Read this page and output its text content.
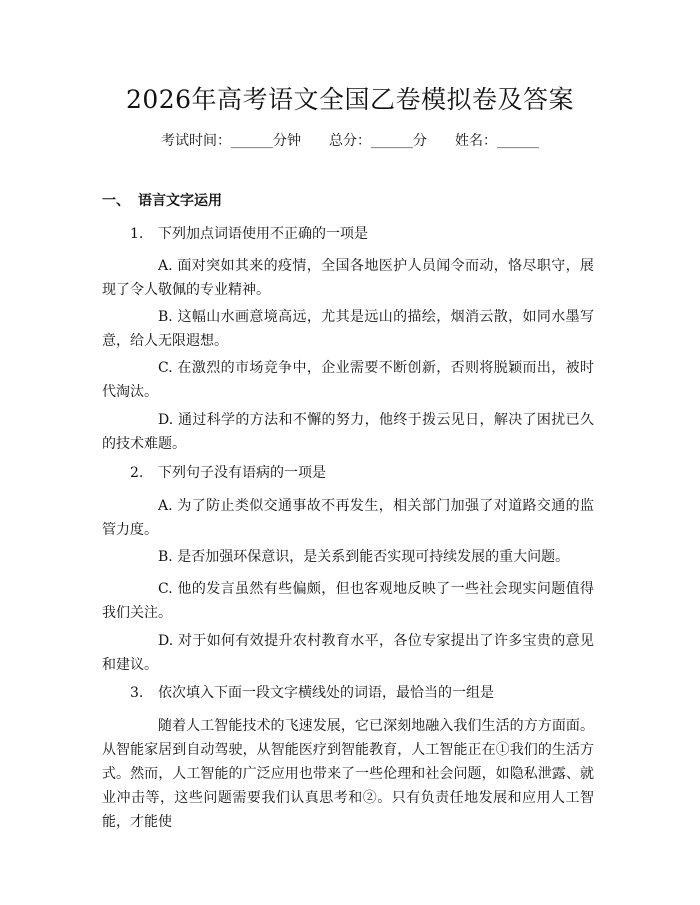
2026年高考语文全国乙卷模拟卷及答案
考试时间：______分钟　　总分：______分　　姓名：______
一、 语言文字运用
1. 下列加点词语使用不正确的一项是
A. 面对突如其来的疫情，全国各地医护人员闻令而动，恪尽职守，展现了令人敬佩的专业精神。
B. 这幅山水画意境高远，尤其是远山的描绘，烟消云散，如同水墨写意，给人无限遐想。
C. 在激烈的市场竞争中，企业需要不断创新，否则将脱颖而出，被时代淘汰。
D. 通过科学的方法和不懈的努力，他终于拨云见日，解决了困扰已久的技术难题。
2. 下列句子没有语病的一项是
A. 为了防止类似交通事故不再发生，相关部门加强了对道路交通的监管力度。
B. 是否加强环保意识，是关系到能否实现可持续发展的重大问题。
C. 他的发言虽然有些偏颇，但也客观地反映了一些社会现实问题值得我们关注。
D. 对于如何有效提升农村教育水平，各位专家提出了许多宝贵的意见和建议。
3. 依次填入下面一段文字横线处的词语，最恰当的一组是
随着人工智能技术的飞速发展，它已深刻地融入我们生活的方方面面。从智能家居到自动驾驶，从智能医疗到智能教育，人工智能正在①我们的生活方式。然而，人工智能的广泛应用也带来了一些伦理和社会问题，如隐私泄露、就业冲击等，这些问题需要我们认真思考和②。只有负责任地发展和应用人工智能，才能使
